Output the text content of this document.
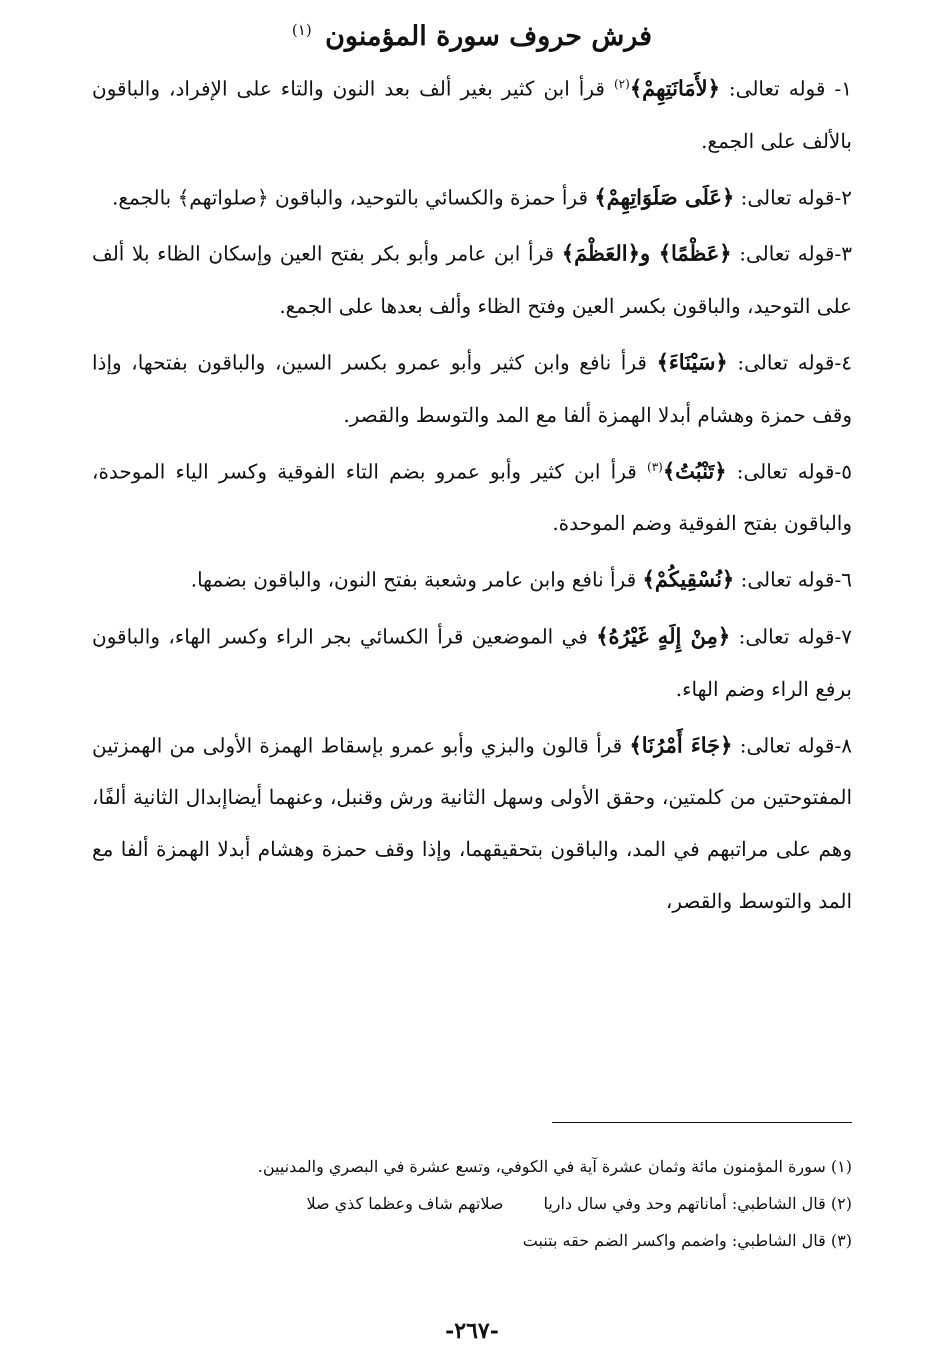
فرش حروف سورة المؤمنون $^{(١)}$

١- قوله تعالى: ﴿لأَمَانَتِهِمْ﴾$^{(٢)}$ قرأ ابن كثير بغير ألف بعد النون والتاء على الإفراد، والباقون بالألف على الجمع.

٢-قوله تعالى: ﴿عَلَى صَلَوَاتِهِمْ﴾ قرأ حمزة والكسائي بالتوحيد، والباقون ﴿صلواتهم﴾ بالجمع.

٣-قوله تعالى: ﴿عَظْمًا﴾ و﴿العَظْمَ﴾ قرأ ابن عامر وأبو بكر بفتح العين وإسكان الظاء بلا ألف على التوحيد، والباقون بكسر العين وفتح الظاء وألف بعدها على الجمع.

٤-قوله تعالى: ﴿سَيْنَاءَ﴾ قرأ نافع وابن كثير وأبو عمرو بكسر السين، والباقون بفتحها، وإذا وقف حمزة وهشام أبدلا الهمزة ألفا مع المد والتوسط والقصر.

٥-قوله تعالى: ﴿تَنْبُتُ﴾$^{(٣)}$ قرأ ابن كثير وأبو عمرو بضم التاء الفوقية وكسر الياء الموحدة، والباقون بفتح الفوقية وضم الموحدة.

٦-قوله تعالى: ﴿نُسْقِيكُمْ﴾ قرأ نافع وابن عامر وشعبة بفتح النون، والباقون بضمها.

٧-قوله تعالى: ﴿مِنْ إِلَهٍ غَيْرُهُ﴾ في الموضعين قرأ الكسائي بجر الراء وكسر الهاء، والباقون برفع الراء وضم الهاء.

٨-قوله تعالى: ﴿جَاءَ أَمْرُنَا﴾ قرأ قالون والبزي وأبو عمرو بإسقاط الهمزة الأولى من الهمزتين المفتوحتين من كلمتين، وحقق الأولى وسهل الثانية ورش وقنبل، وعنهما أيضاإبدال الثانية ألفًا، وهم على مراتبهم في المد، والباقون بتحقيقهما، وإذا وقف حمزة وهشام أبدلا الهمزة ألفا مع المد والتوسط والقصر،

(١) سورة المؤمنون مائة وثمان عشرة آية في الكوفي، وتسع عشرة في البصري والمدنيين.

(٢) قال الشاطبي: أماناتهم وحد وفي سال دارياصلاتهم شاف وعظما كذي صلا

(٣) قال الشاطبي: واضمم واكسر الضم حقه بتنبت

-٢٦٧-
